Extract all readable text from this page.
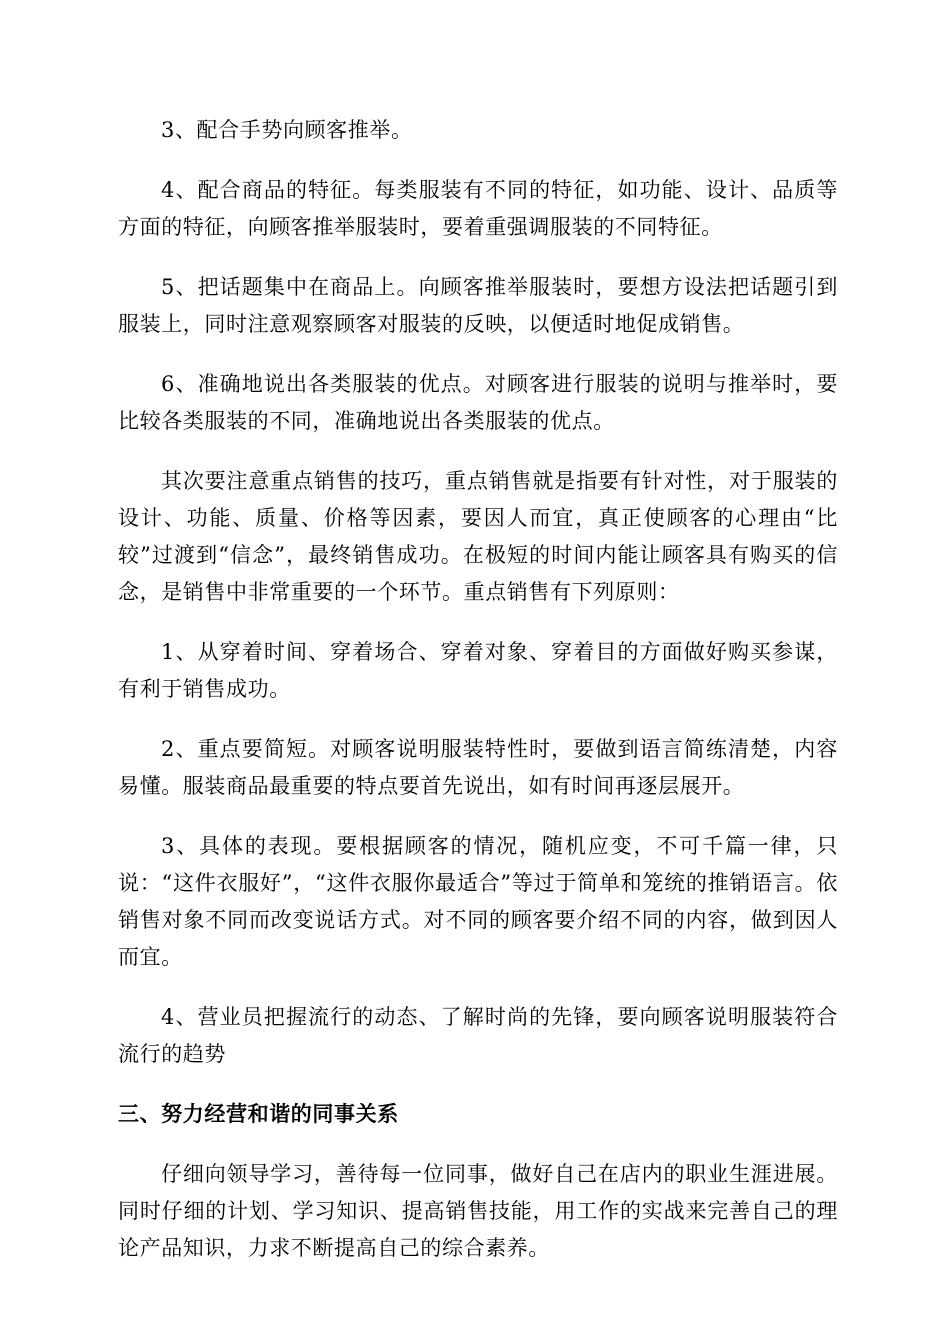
3、配合手势向顾客推举。

4、配合商品的特征。每类服装有不同的特征，如功能、设计、品质等方面的特征，向顾客推举服装时，要着重强调服装的不同特征。

5、把话题集中在商品上。向顾客推举服装时，要想方设法把话题引到服装上，同时注意观察顾客对服装的反映，以便适时地促成销售。

6、准确地说出各类服装的优点。对顾客进行服装的说明与推举时，要比较各类服装的不同，准确地说出各类服装的优点。

其次要注意重点销售的技巧，重点销售就是指要有针对性，对于服装的设计、功能、质量、价格等因素，要因人而宜，真正使顾客的心理由“比较”过渡到“信念”，最终销售成功。在极短的时间内能让顾客具有购买的信念，是销售中非常重要的一个环节。重点销售有下列原则：

1、从穿着时间、穿着场合、穿着对象、穿着目的方面做好购买参谋，有利于销售成功。

2、重点要简短。对顾客说明服装特性时，要做到语言简练清楚，内容易懂。服装商品最重要的特点要首先说出，如有时间再逐层展开。

3、具体的表现。要根据顾客的情况，随机应变，不可千篇一律，只说：“这件衣服好”，“这件衣服你最适合”等过于简单和笼统的推销语言。依销售对象不同而改变说话方式。对不同的顾客要介绍不同的内容，做到因人而宜。

4、营业员把握流行的动态、了解时尚的先锋，要向顾客说明服装符合流行的趋势

三、努力经营和谐的同事关系

仔细向领导学习，善待每一位同事，做好自己在店内的职业生涯进展。同时仔细的计划、学习知识、提高销售技能，用工作的实战来完善自己的理论产品知识，力求不断提高自己的综合素养。
